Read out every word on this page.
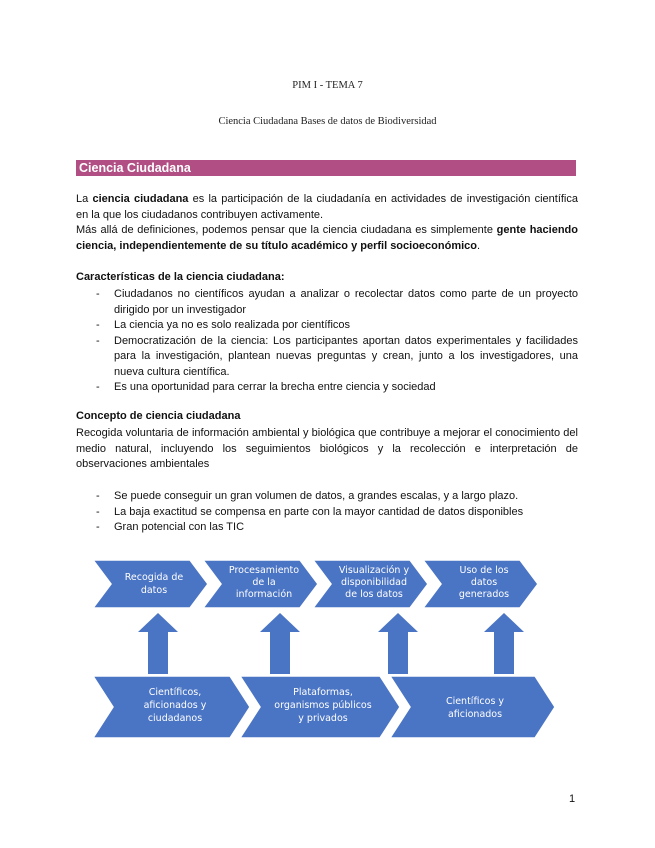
PIM I - TEMA 7
Ciencia Ciudadana Bases de datos de Biodiversidad
Ciencia Ciudadana

La ciencia ciudadana es la participación de la ciudadanía en actividades de investigación científica en la que los ciudadanos contribuyen activamente.

Más allá de definiciones, podemos pensar que la ciencia ciudadana es simplemente gente haciendo ciencia, independientemente de su título académico y perfil socioeconómico.

Características de la ciencia ciudadana:

- Ciudadanos no científicos ayudan a analizar o recolectar datos como parte de un proyecto dirigido por un investigador
- La ciencia ya no es solo realizada por científicos
- Democratización de la ciencia: Los participantes aportan datos experimentales y facilidades para la investigación, plantean nuevas preguntas y crean, junto a los investigadores, una nueva cultura científica.
- Es una oportunidad para cerrar la brecha entre ciencia y sociedad

Concepto de ciencia ciudadana

Recogida voluntaria de información ambiental y biológica que contribuye a mejorar el conocimiento del medio natural, incluyendo los seguimientos biológicos y la recolección e interpretación de observaciones ambientales

- Se puede conseguir un gran volumen de datos, a grandes escalas, y a largo plazo.
- La baja exactitud se compensa en parte con la mayor cantidad de datos disponibles
- Gran potencial con las TIC
Recogida de
datos
Procesamiento
de la
información
Visualización y
disponibilidad
de los datos
Uso de los
datos
generados
Científicos,
aficionados y
ciudadanos
Plataformas,
organismos públicos
y privados
Científicos y
aficionados
1
